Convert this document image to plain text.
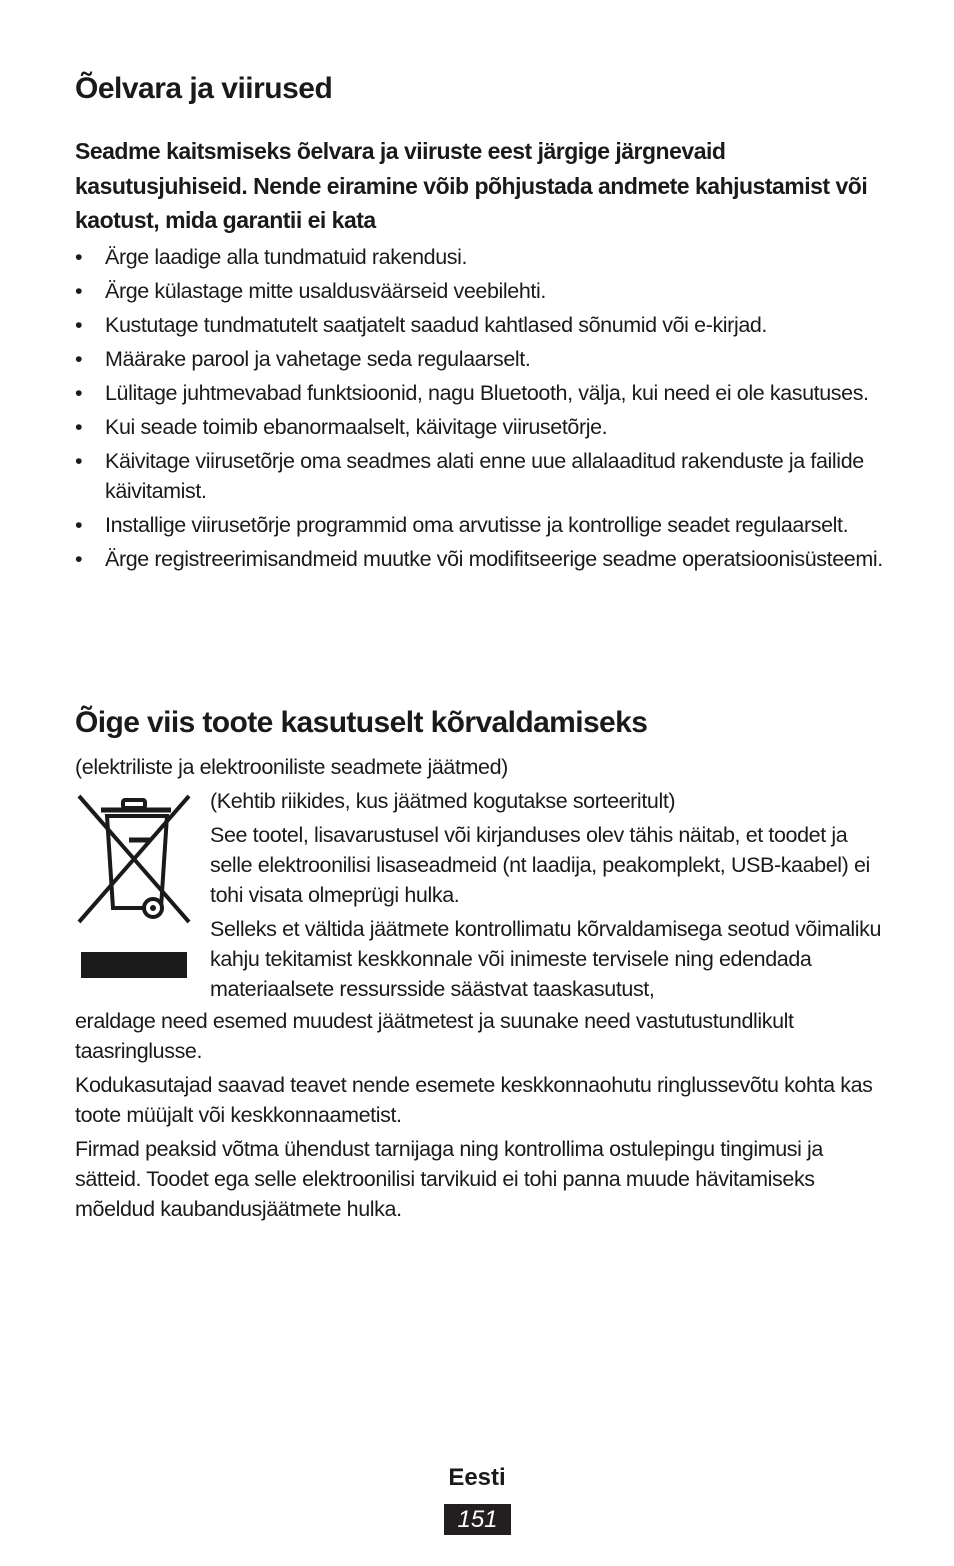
Õelvara ja viirused
Seadme kaitsmiseks õelvara ja viiruste eest järgige järgnevaid kasutusjuhiseid. Nende eiramine võib põhjustada andmete kahjustamist või kaotust, mida garantii ei kata
• Ärge laadige alla tundmatuid rakendusi.
• Ärge külastage mitte usaldusväärseid veebilehti.
• Kustutage tundmatutelt saatjatelt saadud kahtlased sõnumid või e-kirjad.
• Määrake parool ja vahetage seda regulaarselt.
• Lülitage juhtmevabad funktsioonid, nagu Bluetooth, välja, kui need ei ole kasutuses.
• Kui seade toimib ebanormaalselt, käivitage viirusetõrje.
• Käivitage viirusetõrje oma seadmes alati enne uue allalaaditud rakenduste ja failide käivitamist.
• Installige viirusetõrje programmid oma arvutisse ja kontrollige seadet regulaarselt.
• Ärge registreerimisandmeid muutke või modifitseerige seadme operatsioonisüsteemi.
Õige viis toote kasutuselt kõrvaldamiseks
(elektriliste ja elektrooniliste seadmete jäätmed)

(Kehtib riikides, kus jäätmed kogutakse sorteeritult)

See tootel, lisavarustusel või kirjanduses olev tähis näitab, et toodet ja selle elektroonilisi lisaseadmeid (nt laadija, peakomplekt, USB-kaabel) ei tohi visata olmeprügi hulka.

Selleks et vältida jäätmete kontrollimatu kõrvaldamisega seotud võimaliku kahju tekitamist keskkonnale või inimeste tervisele ning edendada materiaalsete ressursside säästvat taaskasutust,

eraldage need esemed muudest jäätmetest ja suunake need vastutustundlikult taasringlusse.

Kodukasutajad saavad teavet nende esemete keskkonnaohutu ringlussevõtu kohta kas toote müüjalt või keskkonnaametist.

Firmad peaksid võtma ühendust tarnijaga ning kontrollima ostulepingu tingimusi ja sätteid. Toodet ega selle elektroonilisi tarvikuid ei tohi panna muude hävitamiseks mõeldud kaubandusjäätmete hulka.

Eesti
151
